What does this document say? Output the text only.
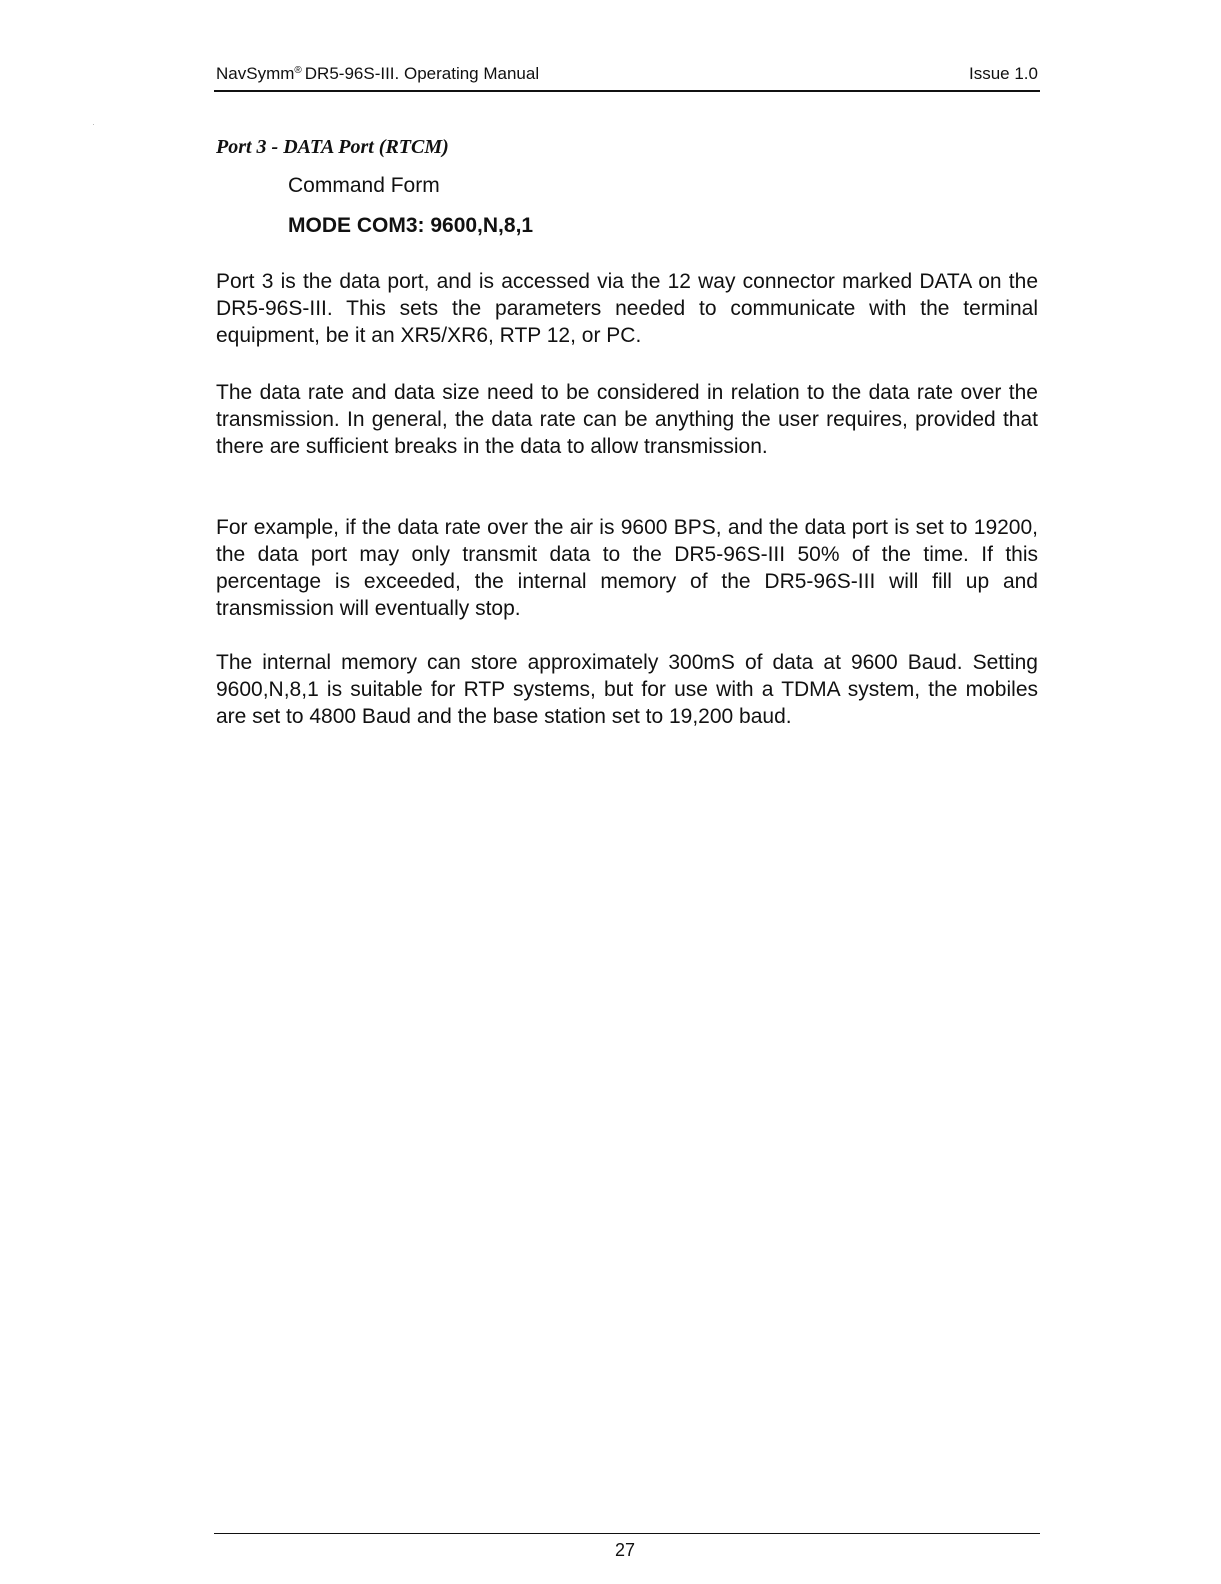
NavSymm® DR5-96S-III. Operating Manual	Issue 1.0
Port 3 - DATA Port (RTCM)
Command Form
MODE COM3: 9600,N,8,1

Port 3 is the data port, and is accessed via the 12 way connector marked DATA on the DR5-96S-III. This sets the parameters needed to communicate with the terminal equipment, be it an XR5/XR6, RTP 12, or PC.

The data rate and data size need to be considered in relation to the data rate over the transmission. In general, the data rate can be anything the user requires, provided that there are sufficient breaks in the data to allow transmission.

For example, if the data rate over the air is 9600 BPS, and the data port is set to 19200, the data port may only transmit data to the DR5-96S-III 50% of the time. If this percentage is exceeded, the internal memory of the DR5-96S-III will fill up and transmission will eventually stop.

The internal memory can store approximately 300mS of data at 9600 Baud. Setting 9600,N,8,1 is suitable for RTP systems, but for use with a TDMA system, the mobiles are set to 4800 Baud and the base station set to 19,200 baud.

27
